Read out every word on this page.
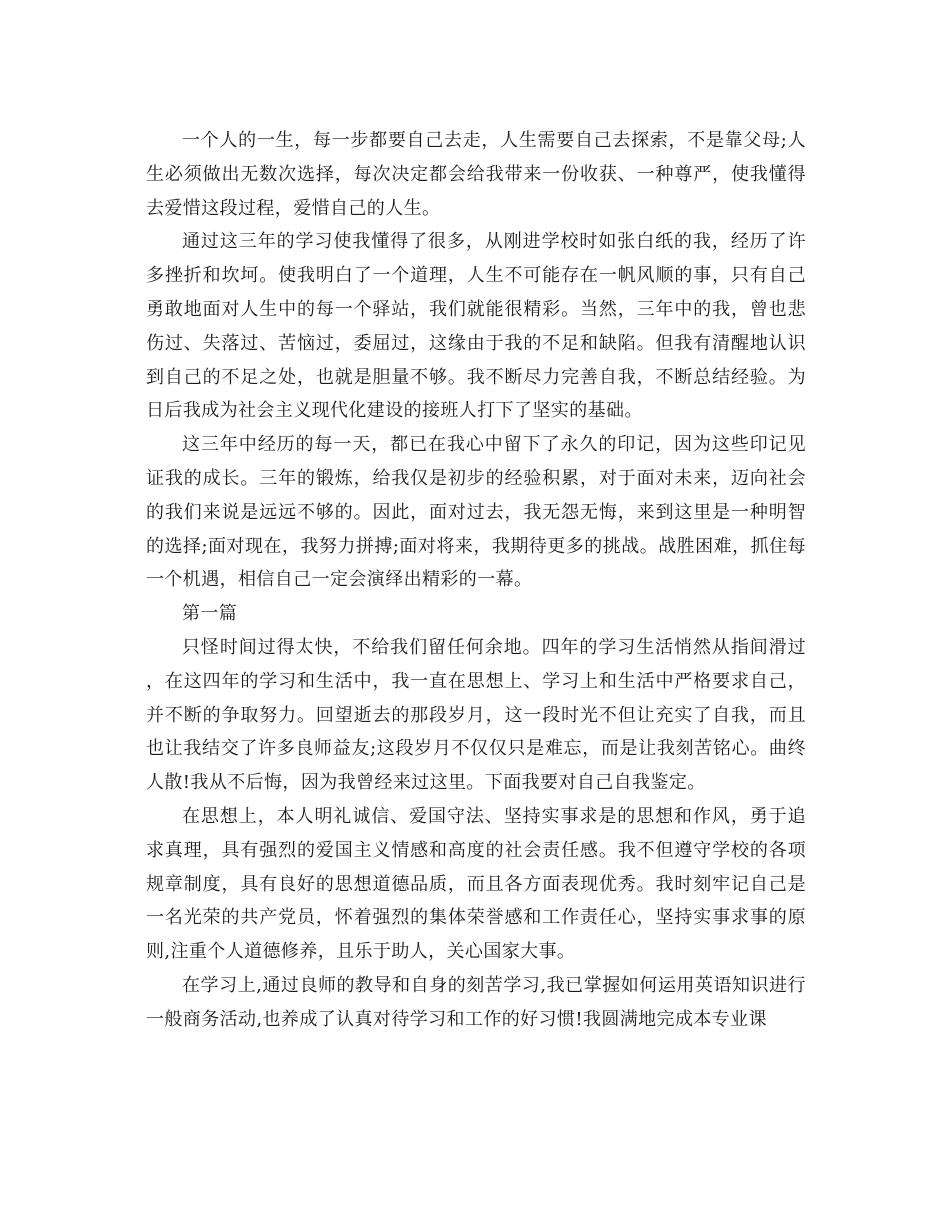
一个人的一生，每一步都要自己去走，人生需要自己去探索，不是靠父母;人生必须做出无数次选择，每次决定都会给我带来一份收获、一种尊严，使我懂得去爱惜这段过程，爱惜自己的人生。

通过这三年的学习使我懂得了很多，从刚进学校时如张白纸的我，经历了许多挫折和坎坷。使我明白了一个道理，人生不可能存在一帆风顺的事，只有自己勇敢地面对人生中的每一个驿站，我们就能很精彩。当然，三年中的我，曾也悲伤过、失落过、苦恼过，委屈过，这缘由于我的不足和缺陷。但我有清醒地认识到自己的不足之处，也就是胆量不够。我不断尽力完善自我，不断总结经验。为日后我成为社会主义现代化建设的接班人打下了坚实的基础。

这三年中经历的每一天，都已在我心中留下了永久的印记，因为这些印记见证我的成长。三年的锻炼，给我仅是初步的经验积累，对于面对未来，迈向社会的我们来说是远远不够的。因此，面对过去，我无怨无悔，来到这里是一种明智的选择;面对现在，我努力拼搏;面对将来，我期待更多的挑战。战胜困难，抓住每一个机遇，相信自己一定会演绎出精彩的一幕。

第一篇

只怪时间过得太快，不给我们留任何余地。四年的学习生活悄然从指间滑过，在这四年的学习和生活中，我一直在思想上、学习上和生活中严格要求自己，并不断的争取努力。回望逝去的那段岁月，这一段时光不但让充实了自我，而且也让我结交了许多良师益友;这段岁月不仅仅只是难忘，而是让我刻苦铭心。曲终人散!我从不后悔，因为我曾经来过这里。下面我要对自己自我鉴定。

在思想上，本人明礼诚信、爱国守法、坚持实事求是的思想和作风，勇于追求真理，具有强烈的爱国主义情感和高度的社会责任感。我不但遵守学校的各项规章制度，具有良好的思想道德品质，而且各方面表现优秀。我时刻牢记自己是一名光荣的共产党员，怀着强烈的集体荣誉感和工作责任心，坚持实事求事的原则,注重个人道德修养，且乐于助人，关心国家大事。

在学习上,通过良师的教导和自身的刻苦学习,我已掌握如何运用英语知识进行一般商务活动,也养成了认真对待学习和工作的好习惯!我圆满地完成本专业课
